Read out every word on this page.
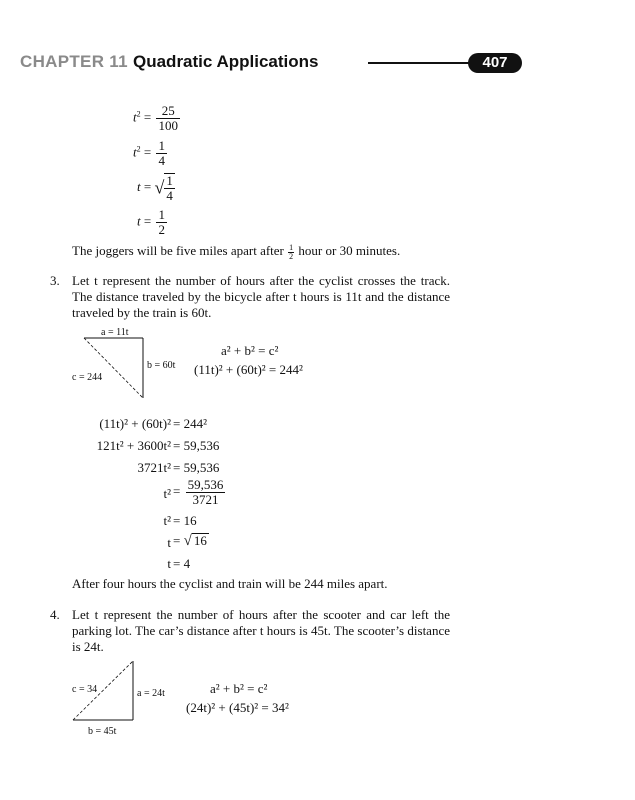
CHAPTER 11 Quadratic Applications	407
$t^2 = \frac{25}{100}$
$t^2 = \frac{1}{4}$
t = √ $\frac{1}{4}$
$t = \frac{1}{2}$
The joggers will be five miles apart after $\frac{1}{2}$ hour or 30 minutes.
3. Let t represent the number of hours after the cyclist crosses the track. The distance traveled by the bicycle after t hours is 11t and the distance traveled by the train is 60t.
a = 11t
b = 60t
c = 244
a² + b² = c²
(11t)² + (60t)² = 244²
(11t)² + (60t)² = 244²
121t² + 3600t² = 59,536
3721t² = 59,536
$t^2 = \frac{59,536}{3721}$
t² = 16
t = √ 16
t = 4
After four hours the cyclist and train will be 244 miles apart.
4. Let t represent the number of hours after the scooter and car left the parking lot. The car’s distance after t hours is 45t. The scooter’s distance is 24t.
c = 34	a = 24t
b = 45t
a² + b² = c²
(24t)² + (45t)² = 34²
